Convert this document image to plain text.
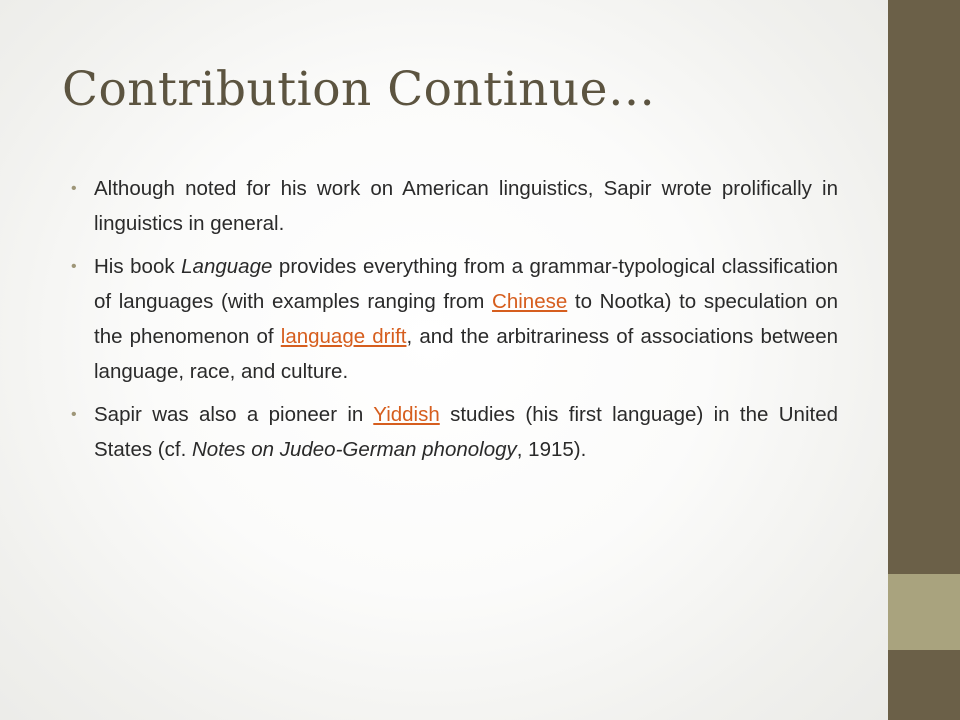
Contribution Continue…
• Although noted for his work on American linguistics, Sapir wrote prolifically in linguistics in general.
• His book Language provides everything from a grammar-typological classification of languages (with examples ranging from Chinese to Nootka) to speculation on the phenomenon of language drift, and the arbitrariness of associations between language, race, and culture.
• Sapir was also a pioneer in Yiddish studies (his first language) in the United States (cf. Notes on Judeo-German phonology, 1915).
